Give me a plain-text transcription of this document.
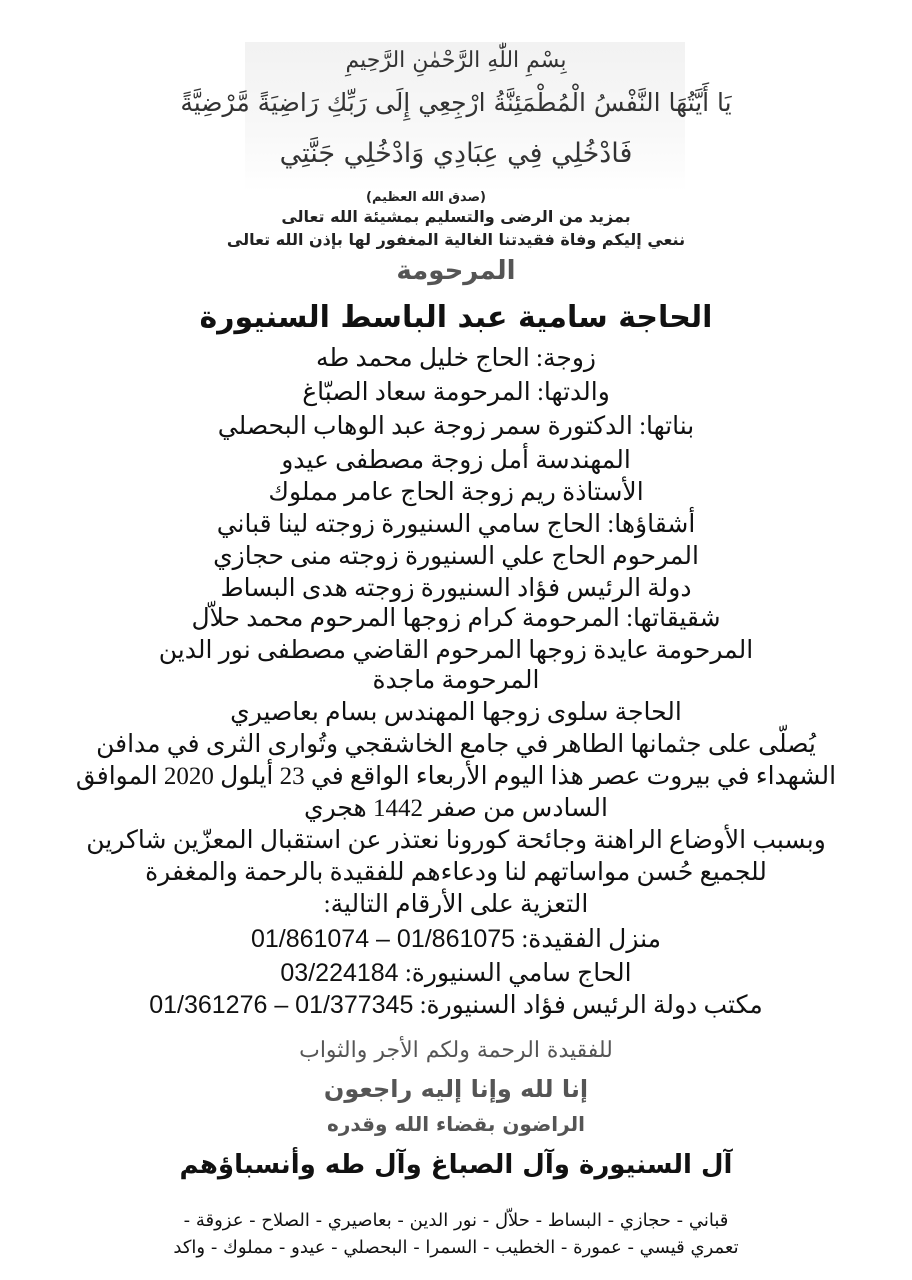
بِسْمِ اللّٰهِ الرَّحْمٰنِ الرَّحِيمِ
يَا أَيَّتُهَا النَّفْسُ الْمُطْمَئِنَّةُ ارْجِعِي إِلَى رَبِّكِ رَاضِيَةً مَّرْضِيَّةً
فَادْخُلِي فِي عِبَادِي وَادْخُلِي جَنَّتِي
(صدق الله العظيم)
بمزيد من الرضى والتسليم بمشيئة الله تعالى
ننعي إليكم وفاة فقيدتنا الغالية المغفور لها بإذن الله تعالى
المرحومة
الحاجة سامية عبد الباسط السنيورة
زوجة: الحاج خليل محمد طه
والدتها: المرحومة سعاد الصبّاغ
بناتها: الدكتورة سمر زوجة عبد الوهاب البحصلي
المهندسة أمل زوجة مصطفى عيدو
الأستاذة ريم زوجة الحاج عامر مملوك
أشقاؤها: الحاج سامي السنيورة زوجته لينا قباني
المرحوم الحاج علي السنيورة زوجته منى حجازي
دولة الرئيس فؤاد السنيورة زوجته هدى البساط
شقيقاتها: المرحومة كرام زوجها المرحوم محمد حلاّل
المرحومة عايدة زوجها المرحوم القاضي مصطفى نور الدين
المرحومة ماجدة
الحاجة سلوى زوجها المهندس بسام بعاصيري
يُصلّى على جثمانها الطاهر في جامع الخاشقجي وتُوارى الثرى في مدافن
الشهداء في بيروت عصر هذا اليوم الأربعاء الواقع في 23 أيلول 2020 الموافق
السادس من صفر 1442 هجري
وبسبب الأوضاع الراهنة وجائحة كورونا نعتذر عن استقبال المعزّين شاكرين
للجميع حُسن مواساتهم لنا ودعاءهم للفقيدة بالرحمة والمغفرة
التعزية على الأرقام التالية:
منزل الفقيدة: 01/861074 – 01/861075
الحاج سامي السنيورة: 03/224184
مكتب دولة الرئيس فؤاد السنيورة: 01/361276 – 01/377345
للفقيدة الرحمة ولكم الأجر والثواب
إنا لله وإنا إليه راجعون
الراضون بقضاء الله وقدره
آل السنيورة وآل الصباغ وآل طه وأنسباؤهم
قباني - حجازي - البساط - حلاّل - نور الدين - بعاصيري - الصلاح - عزوقة -
تعمري قيسي - عمورة - الخطيب - السمرا - البحصلي - عيدو - مملوك - واكد
